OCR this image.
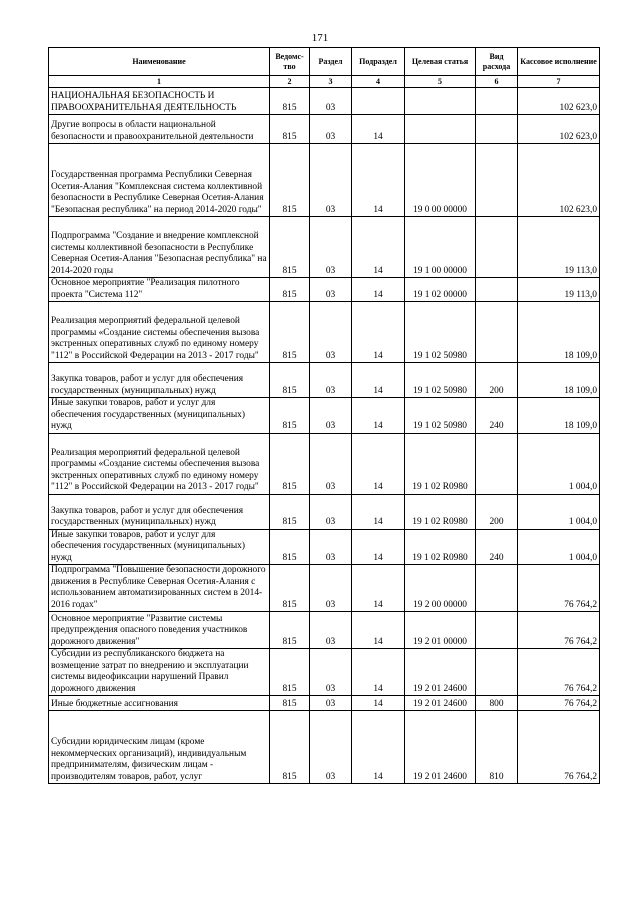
171
Наименование	Ведомс-тво	Раздел	Подраздел	Целевая статья	Вид расхода	Кассовое исполнение
1	2	3	4	5	6	7
НАЦИОНАЛЬНАЯ БЕЗОПАСНОСТЬ И ПРАВООХРАНИТЕЛЬНАЯ ДЕЯТЕЛЬНОСТЬ	815	03				102 623,0
Другие вопросы в области национальной безопасности и правоохранительной деятельности	815	03	14			102 623,0
Государственная программа Республики Северная Осетия-Алания "Комплексная система коллективной безопасности в Республике Северная Осетия-Алания "Безопасная республика" на период 2014-2020 годы"	815	03	14	19 0 00 00000		102 623,0
Подпрограмма "Создание и внедрение комплексной системы коллективной безопасности в Республике Северная Осетия-Алания "Безопасная республика" на 2014-2020 годы	815	03	14	19 1 00 00000		19 113,0
Основное мероприятие "Реализация пилотного проекта "Система 112"	815	03	14	19 1 02 00000		19 113,0
Реализация мероприятий федеральной целевой программы «Создание системы обеспечения вызова экстренных оперативных служб по единому номеру "112" в Российской Федерации на 2013 - 2017 годы"	815	03	14	19 1 02 50980		18 109,0
Закупка товаров, работ и услуг для обеспечения государственных (муниципальных) нужд	815	03	14	19 1 02 50980	200	18 109,0
Иные закупки товаров, работ и услуг для обеспечения государственных (муниципальных) нужд	815	03	14	19 1 02 50980	240	18 109,0
Реализация мероприятий федеральной целевой программы «Создание системы обеспечения вызова экстренных оперативных служб по единому номеру "112" в Российской Федерации на 2013 - 2017 годы"	815	03	14	19 1 02 R0980		1 004,0
Закупка товаров, работ и услуг для обеспечения государственных (муниципальных) нужд	815	03	14	19 1 02 R0980	200	1 004,0
Иные закупки товаров, работ и услуг для обеспечения государственных (муниципальных) нужд	815	03	14	19 1 02 R0980	240	1 004,0
Подпрограмма "Повышение безопасности дорожного движения в Республике Северная Осетия-Алания с использованием автоматизированных систем в 2014-2016 годах"	815	03	14	19 2 00 00000		76 764,2
Основное мероприятие "Развитие системы предупреждения опасного поведения участников дорожного движения"	815	03	14	19 2 01 00000		76 764,2
Субсидии из республиканского бюджета на возмещение затрат по внедрению и эксплуатации системы видеофиксации нарушений Правил дорожного движения	815	03	14	19 2 01 24600		76 764,2
Иные бюджетные ассигнования	815	03	14	19 2 01 24600	800	76 764,2
Субсидии юридическим лицам (кроме некоммерческих организаций), индивидуальным предпринимателям, физическим лицам - производителям товаров, работ, услуг	815	03	14	19 2 01 24600	810	76 764,2
